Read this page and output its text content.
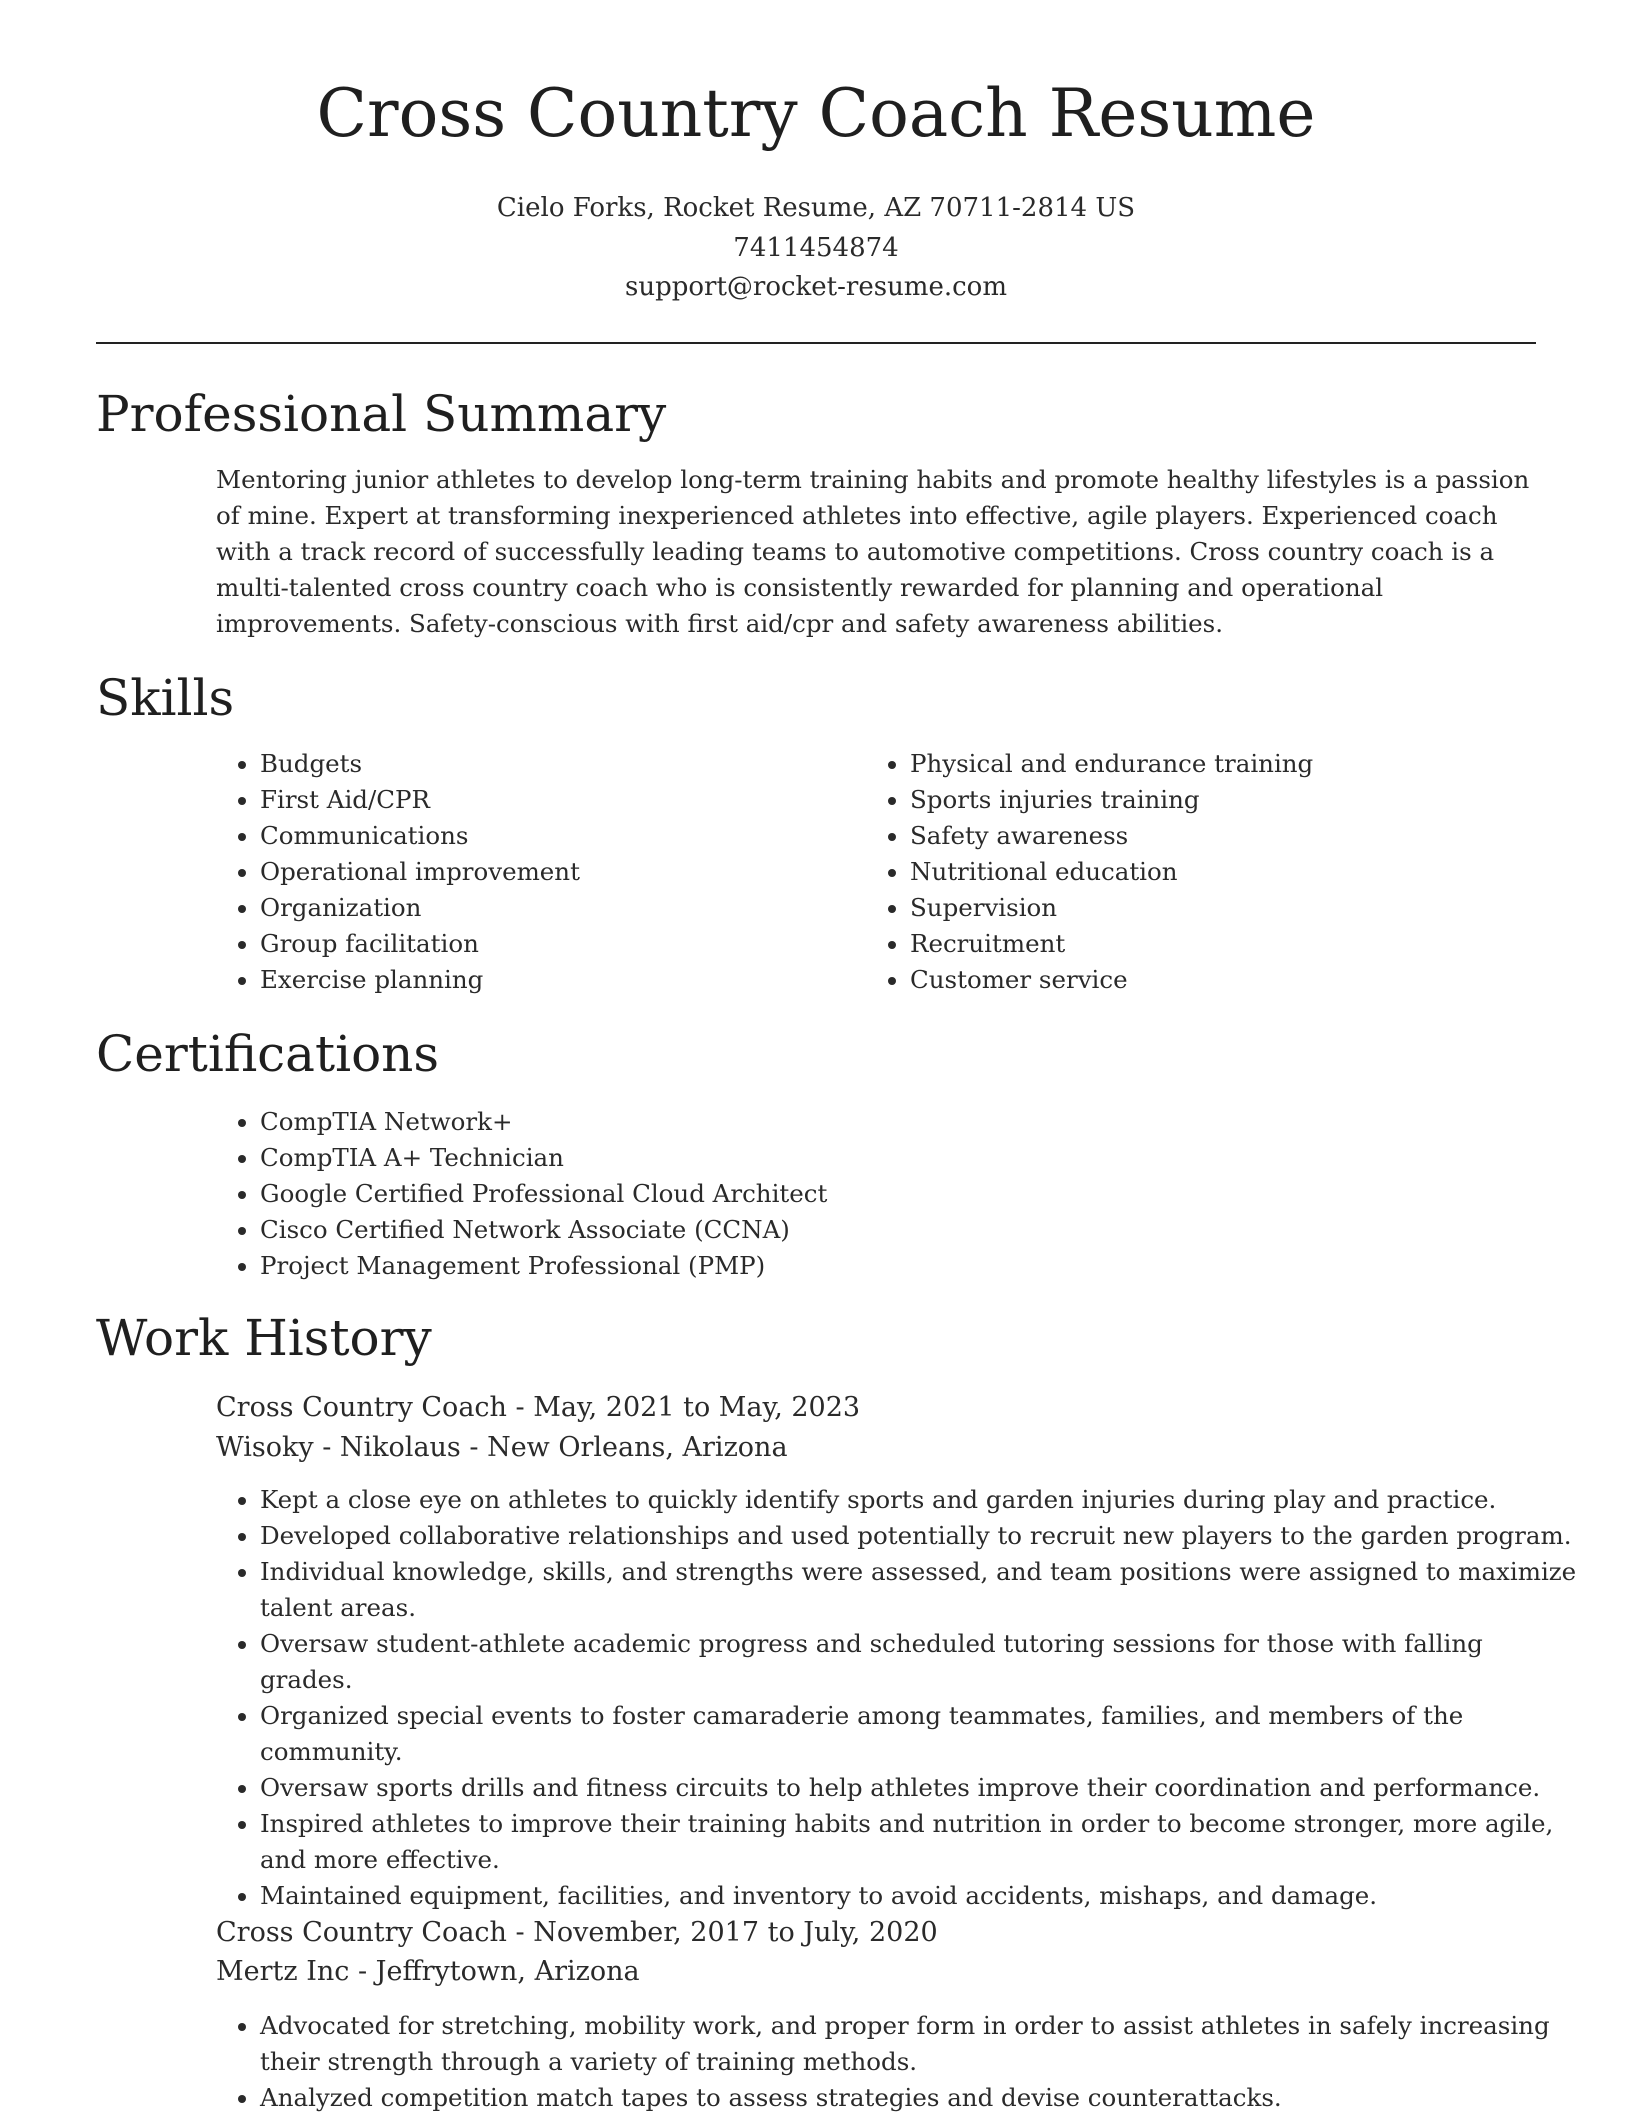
Cross Country Coach Resume
Cielo Forks, Rocket Resume, AZ 70711-2814 US
7411454874
support@rocket-resume.com
Professional Summary

Mentoring junior athletes to develop long-term training habits and promote healthy lifestyles is a passion of mine. Expert at transforming inexperienced athletes into effective, agile players. Experienced coach with a track record of successfully leading teams to automotive competitions. Cross country coach is a multi-talented cross country coach who is consistently rewarded for planning and operational improvements. Safety-conscious with first aid/cpr and safety awareness abilities.

Skills
• Budgets
• First Aid/CPR
• Communications
• Operational improvement
• Organization
• Group facilitation
• Exercise planning
• Physical and endurance training
• Sports injuries training
• Safety awareness
• Nutritional education
• Supervision
• Recruitment
• Customer service
Certifications
• CompTIA Network+
• CompTIA A+ Technician
• Google Certified Professional Cloud Architect
• Cisco Certified Network Associate (CCNA)
• Project Management Professional (PMP)
Work History
Cross Country Coach - May, 2021 to May, 2023
Wisoky - Nikolaus - New Orleans, Arizona
• Kept a close eye on athletes to quickly identify sports and garden injuries during play and practice.
• Developed collaborative relationships and used potentially to recruit new players to the garden program.
• Individual knowledge, skills, and strengths were assessed, and team positions were assigned to maximize talent areas.
• Oversaw student-athlete academic progress and scheduled tutoring sessions for those with falling grades.
• Organized special events to foster camaraderie among teammates, families, and members of the community.
• Oversaw sports drills and fitness circuits to help athletes improve their coordination and performance.
• Inspired athletes to improve their training habits and nutrition in order to become stronger, more agile, and more effective.
• Maintained equipment, facilities, and inventory to avoid accidents, mishaps, and damage.
Cross Country Coach - November, 2017 to July, 2020
Mertz Inc - Jeffrytown, Arizona
• Advocated for stretching, mobility work, and proper form in order to assist athletes in safely increasing their strength through a variety of training methods.
• Analyzed competition match tapes to assess strategies and devise counterattacks.
